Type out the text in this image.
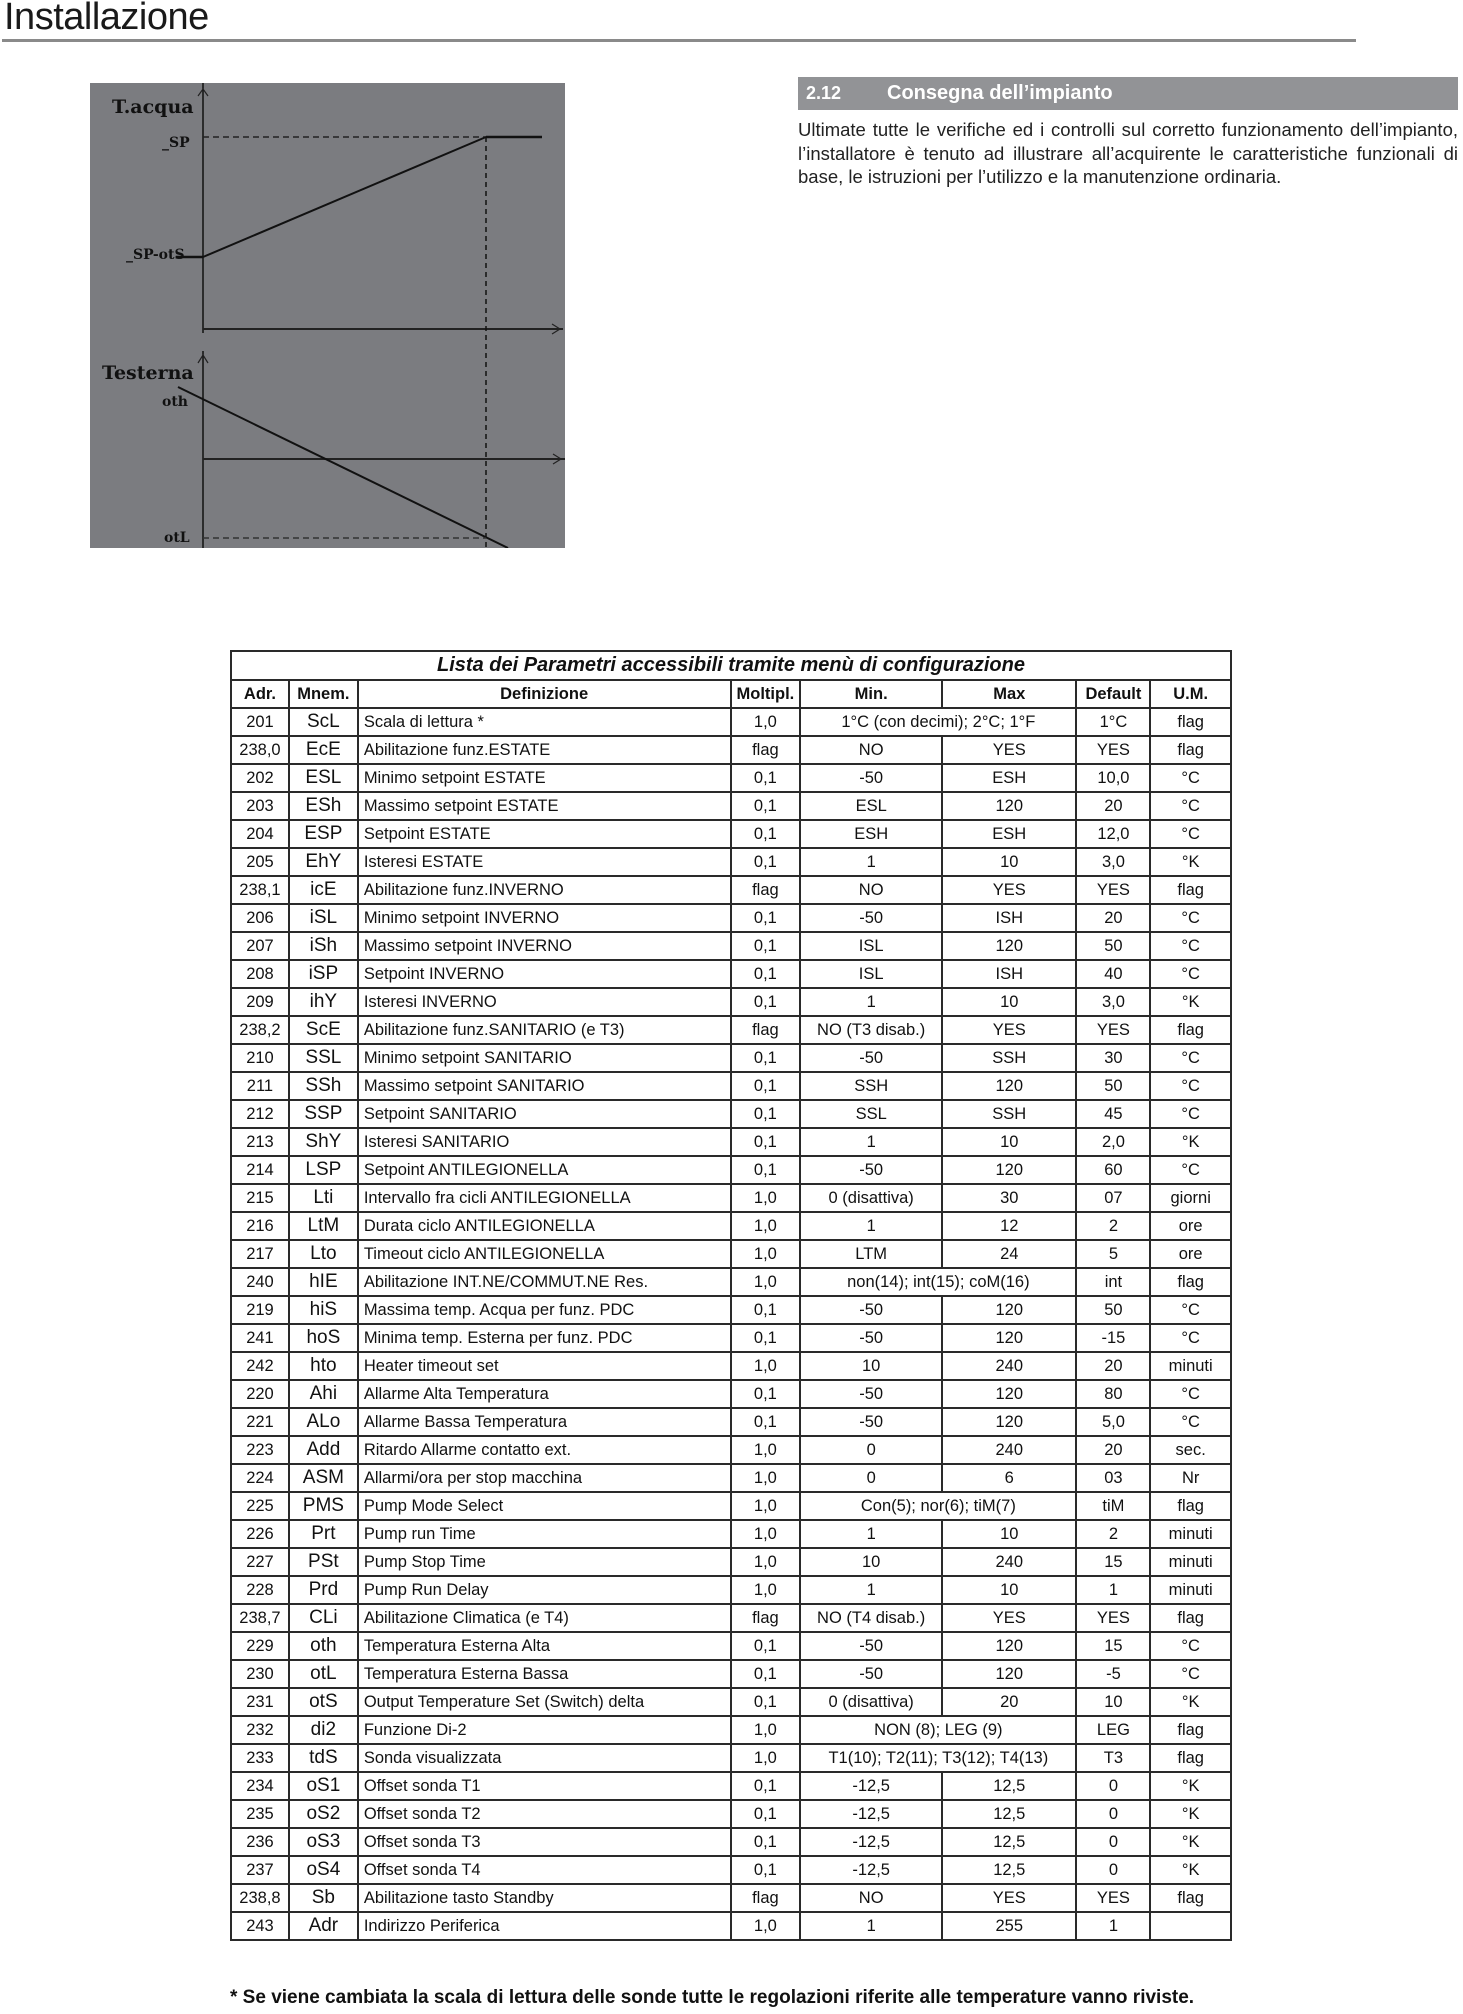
Installazione
T.acqua
_SP
_SP-otS
Testerna
oth
otL
2.12 Consegna dell’impianto
Ultimate tutte le verifiche ed i controlli sul corretto funzionamento dell’impianto, l’installatore è tenuto ad illustrare all’acquirente le caratteristiche funzionali di base, le istruzioni per l’utilizzo e la manutenzione ordinaria.
Lista dei Parametri accessibili tramite menù di configurazione							
Adr.	Mnem.	Definizione	Moltipl.	Min.	Max	Default	U.M.
201	ScL	Scala di lettura *	1,0	1°C (con decimi); 2°C; 1°F		1°C	flag
238,0	EcE	Abilitazione funz.ESTATE	flag	NO	YES	YES	flag
202	ESL	Minimo setpoint ESTATE	0,1	-50	ESH	10,0	°C
203	ESh	Massimo setpoint ESTATE	0,1	ESL	120	20	°C
204	ESP	Setpoint ESTATE	0,1	ESH	ESH	12,0	°C
205	EhY	Isteresi ESTATE	0,1	1	10	3,0	°K
238,1	icE	Abilitazione funz.INVERNO	flag	NO	YES	YES	flag
206	iSL	Minimo setpoint INVERNO	0,1	-50	ISH	20	°C
207	iSh	Massimo setpoint INVERNO	0,1	ISL	120	50	°C
208	iSP	Setpoint INVERNO	0,1	ISL	ISH	40	°C
209	ihY	Isteresi INVERNO	0,1	1	10	3,0	°K
238,2	ScE	Abilitazione funz.SANITARIO (e T3)	flag	NO (T3 disab.)	YES	YES	flag
210	SSL	Minimo setpoint SANITARIO	0,1	-50	SSH	30	°C
211	SSh	Massimo setpoint SANITARIO	0,1	SSH	120	50	°C
212	SSP	Setpoint SANITARIO	0,1	SSL	SSH	45	°C
213	ShY	Isteresi SANITARIO	0,1	1	10	2,0	°K
214	LSP	Setpoint ANTILEGIONELLA	0,1	-50	120	60	°C
215	Lti	Intervallo fra cicli ANTILEGIONELLA	1,0	0 (disattiva)	30	07	giorni
216	LtM	Durata ciclo ANTILEGIONELLA	1,0	1	12	2	ore
217	Lto	Timeout ciclo ANTILEGIONELLA	1,0	LTM	24	5	ore
240	hIE	Abilitazione INT.NE/COMMUT.NE Res.	1,0	non(14); int(15); coM(16)		int	flag
219	hiS	Massima temp. Acqua per funz. PDC	0,1	-50	120	50	°C
241	hoS	Minima temp. Esterna per funz. PDC	0,1	-50	120	-15	°C
242	hto	Heater timeout set	1,0	10	240	20	minuti
220	Ahi	Allarme Alta Temperatura	0,1	-50	120	80	°C
221	ALo	Allarme Bassa Temperatura	0,1	-50	120	5,0	°C
223	Add	Ritardo Allarme contatto ext.	1,0	0	240	20	sec.
224	ASM	Allarmi/ora per stop macchina	1,0	0	6	03	Nr
225	PMS	Pump Mode Select	1,0	Con(5); nor(6); tiM(7)		tiM	flag
226	Prt	Pump run Time	1,0	1	10	2	minuti
227	PSt	Pump Stop Time	1,0	10	240	15	minuti
228	Prd	Pump Run Delay	1,0	1	10	1	minuti
238,7	CLi	Abilitazione Climatica (e T4)	flag	NO (T4 disab.)	YES	YES	flag
229	oth	Temperatura Esterna Alta	0,1	-50	120	15	°C
230	otL	Temperatura Esterna Bassa	0,1	-50	120	-5	°C
231	otS	Output Temperature Set (Switch) delta	0,1	0 (disattiva)	20	10	°K
232	di2	Funzione Di-2	1,0	NON (8); LEG (9)		LEG	flag
233	tdS	Sonda visualizzata	1,0	T1(10); T2(11); T3(12); T4(13)		T3	flag
234	oS1	Offset sonda T1	0,1	-12,5	12,5	0	°K
235	oS2	Offset sonda T2	0,1	-12,5	12,5	0	°K
236	oS3	Offset sonda T3	0,1	-12,5	12,5	0	°K
237	oS4	Offset sonda T4	0,1	-12,5	12,5	0	°K
238,8	Sb	Abilitazione tasto Standby	flag	NO	YES	YES	flag
243	Adr	Indirizzo Periferica	1,0	1	255	1	
* Se viene cambiata la scala di lettura delle sonde tutte le regolazioni riferite alle temperature vanno riviste.
